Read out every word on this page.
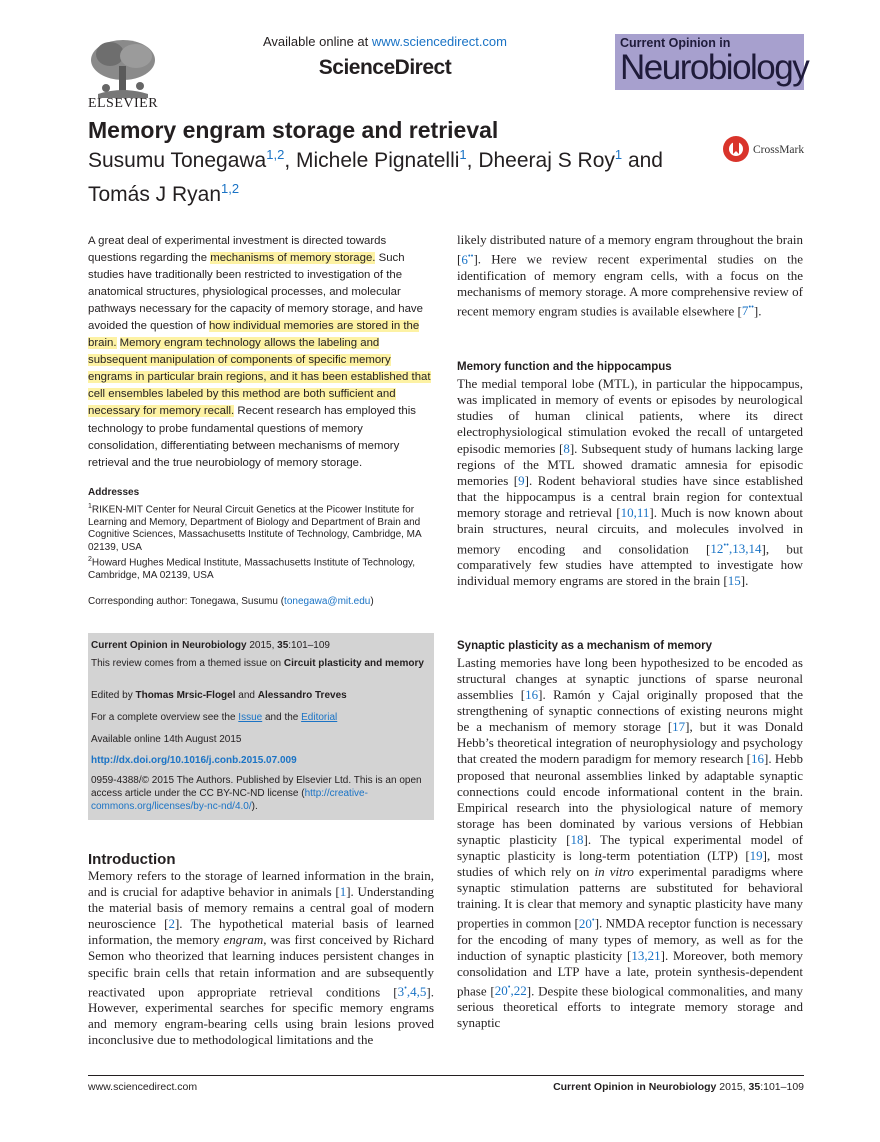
ELSEVIER
Available online at www.sciencedirect.com
ScienceDirect
Current Opinion in
Neurobiology
Memory engram storage and retrieval
Susumu Tonegawa$^{1,2}$, Michele Pignatelli$^1$, Dheeraj S Roy$^1$ and
Tomás J Ryan$^{1,2}$
CrossMark
A great deal of experimental investment is directed towards questions regarding the mechanisms of memory storage. Such studies have traditionally been restricted to investigation of the anatomical structures, physiological processes, and molecular pathways necessary for the capacity of memory storage, and have avoided the question of how individual memories are stored in the brain. Memory engram technology allows the labeling and subsequent manipulation of components of specific memory engrams in particular brain regions, and it has been established that cell ensembles labeled by this method are both sufficient and necessary for memory recall. Recent research has employed this technology to probe fundamental questions of memory consolidation, differentiating between mechanisms of memory retrieval and the true neurobiology of memory storage.
Addresses
$^1$RIKEN-MIT Center for Neural Circuit Genetics at the Picower Institute for Learning and Memory, Department of Biology and Department of Brain and Cognitive Sciences, Massachusetts Institute of Technology, Cambridge, MA 02139, USA
$^2$Howard Hughes Medical Institute, Massachusetts Institute of Technology, Cambridge, MA 02139, USA
Corresponding author: Tonegawa, Susumu (tonegawa@mit.edu)
Current Opinion in Neurobiology 2015, 35:101–109
This review comes from a themed issue on Circuit plasticity and memory
Edited by Thomas Mrsic-Flogel and Alessandro Treves
For a complete overview see the Issue and the Editorial
Available online 14th August 2015
http://dx.doi.org/10.1016/j.conb.2015.07.009
0959-4388/© 2015 The Authors. Published by Elsevier Ltd. This is an open access article under the CC BY-NC-ND license (http://creative-commons.org/licenses/by-nc-nd/4.0/).
Introduction
Memory refers to the storage of learned information in the brain, and is crucial for adaptive behavior in animals [1]. Understanding the material basis of memory remains a central goal of modern neuroscience [2]. The hypothetical material basis of learned information, the memory engram, was first conceived by Richard Semon who theorized that learning induces persistent changes in specific brain cells that retain information and are subsequently reactivated upon appropriate retrieval conditions [3•,4,5]. However, experimental searches for specific memory engrams and memory engram-bearing cells using brain lesions proved inconclusive due to methodological limitations and the
likely distributed nature of a memory engram throughout the brain [6••]. Here we review recent experimental studies on the identification of memory engram cells, with a focus on the mechanisms of memory storage. A more comprehensive review of recent memory engram studies is available elsewhere [7••].
Memory function and the hippocampus
The medial temporal lobe (MTL), in particular the hippocampus, was implicated in memory of events or episodes by neurological studies of human clinical patients, where its direct electrophysiological stimulation evoked the recall of untargeted episodic memories [8]. Subsequent study of humans lacking large regions of the MTL showed dramatic amnesia for episodic memories [9]. Rodent behavioral studies have since established that the hippocampus is a central brain region for contextual memory storage and retrieval [10,11]. Much is now known about brain structures, neural circuits, and molecules involved in memory encoding and consolidation [12••,13,14], but comparatively few studies have attempted to investigate how individual memory engrams are stored in the brain [15].
Synaptic plasticity as a mechanism of memory
Lasting memories have long been hypothesized to be encoded as structural changes at synaptic junctions of sparse neuronal assemblies [16]. Ramón y Cajal originally proposed that the strengthening of synaptic connections of existing neurons might be a mechanism of memory storage [17], but it was Donald Hebb’s theoretical integration of neurophysiology and psychology that created the modern paradigm for memory research [16]. Hebb proposed that neuronal assemblies linked by adaptable synaptic connections could encode informational content in the brain. Empirical research into the physiological nature of memory storage has been dominated by various versions of Hebbian synaptic plasticity [18]. The typical experimental model of synaptic plasticity is long-term potentiation (LTP) [19], most studies of which rely on in vitro experimental paradigms where synaptic stimulation patterns are substituted for behavioral training. It is clear that memory and synaptic plasticity have many properties in common [20•]. NMDA receptor function is necessary for the encoding of many types of memory, as well as for the induction of synaptic plasticity [13,21]. Moreover, both memory consolidation and LTP have a late, protein synthesis-dependent phase [20•,22]. Despite these biological commonalities, and many serious theoretical efforts to integrate memory storage and synaptic
www.sciencedirect.com	Current Opinion in Neurobiology 2015, 35:101–109
